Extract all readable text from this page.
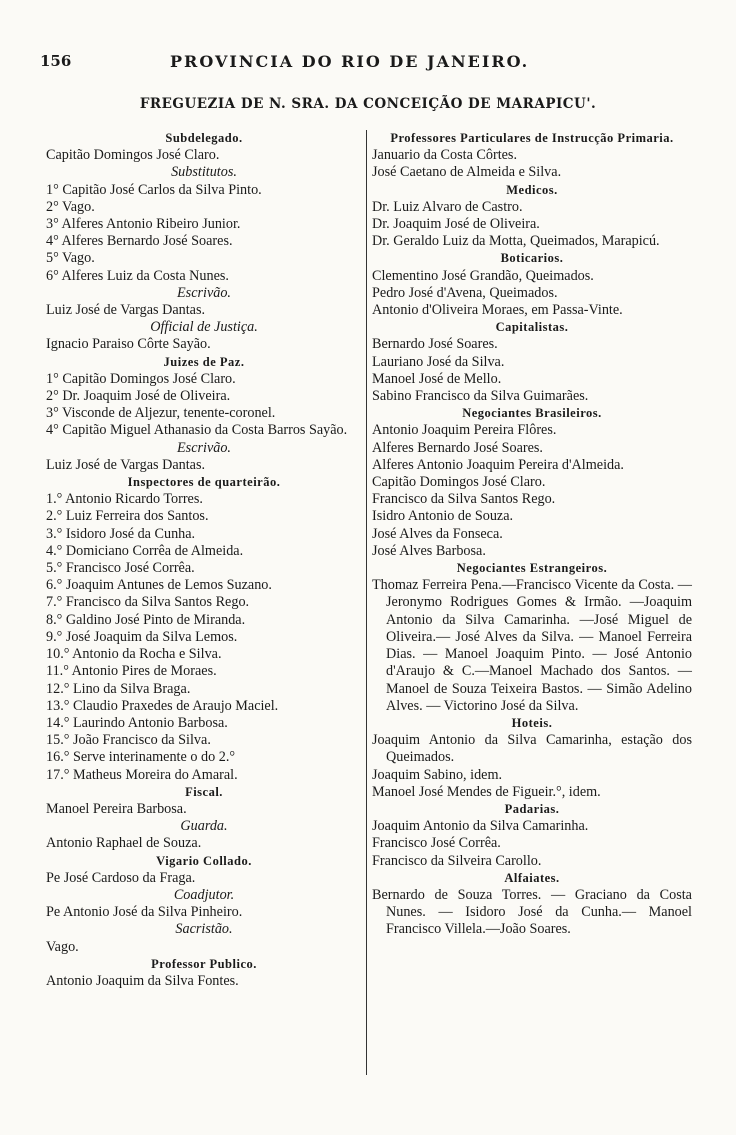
156	PROVINCIA DO RIO DE JANEIRO.
FREGUEZIA DE N. SRA. DA CONCEIÇÃO DE MARAPICU'.
Subdelegado.
Capitão Domingos José Claro.
Substitutos.
1° Capitão José Carlos da Silva Pinto.
2° Vago.
3° Alferes Antonio Ribeiro Junior.
4° Alferes Bernardo José Soares.
5° Vago.
6° Alferes Luiz da Costa Nunes.
Escrivão.
Luiz José de Vargas Dantas.
Official de Justiça.
Ignacio Paraiso Côrte Sayão.
Juizes de Paz.
1° Capitão Domingos José Claro.
2° Dr. Joaquim José de Oliveira.
3° Visconde de Aljezur, tenente-coronel.
4° Capitão Miguel Athanasio da Costa Barros Sayão.
Escrivão.
Luiz José de Vargas Dantas.
Inspectores de quarteirão.
1.° Antonio Ricardo Torres.
2.° Luiz Ferreira dos Santos.
3.° Isidoro José da Cunha.
4.° Domiciano Corrêa de Almeida.
5.° Francisco José Corrêa.
6.° Joaquim Antunes de Lemos Suzano.
7.° Francisco da Silva Santos Rego.
8.° Galdino José Pinto de Miranda.
9.° José Joaquim da Silva Lemos.
10.° Antonio da Rocha e Silva.
11.° Antonio Pires de Moraes.
12.° Lino da Silva Braga.
13.° Claudio Praxedes de Araujo Maciel.
14.° Laurindo Antonio Barbosa.
15.° João Francisco da Silva.
16.° Serve interinamente o do 2.°
17.° Matheus Moreira do Amaral.
Fiscal.
Manoel Pereira Barbosa.
Guarda.
Antonio Raphael de Souza.
Vigario Collado.
Pe José Cardoso da Fraga.
Coadjutor.
Pe Antonio José da Silva Pinheiro.
Sacristão.
Vago.
Professor Publico.
Antonio Joaquim da Silva Fontes.
Professores Particulares de Instrucção Primaria.
Januario da Costa Côrtes.
José Caetano de Almeida e Silva.
Medicos.
Dr. Luiz Alvaro de Castro.
Dr. Joaquim José de Oliveira.
Dr. Geraldo Luiz da Motta, Queimados, Marapicú.
Boticarios.
Clementino José Grandão, Queimados.
Pedro José d'Avena, Queimados.
Antonio d'Oliveira Moraes, em Passa-Vinte.
Capitalistas.
Bernardo José Soares.
Lauriano José da Silva.
Manoel José de Mello.
Sabino Francisco da Silva Guimarães.
Negociantes Brasileiros.
Antonio Joaquim Pereira Flôres.
Alferes Bernardo José Soares.
Alferes Antonio Joaquim Pereira d'Almeida.
Capitão Domingos José Claro.
Francisco da Silva Santos Rego.
Isidro Antonio de Souza.
José Alves da Fonseca.
José Alves Barbosa.
Negociantes Estrangeiros.
Thomaz Ferreira Pena.—Francisco Vicente da Costa. — Jeronymo Rodrigues Gomes & Irmão. —Joaquim Antonio da Silva Camarinha. —José Miguel de Oliveira.— José Alves da Silva. — Manoel Ferreira Dias. — Manoel Joaquim Pinto. — José Antonio d'Araujo & C.—Manoel Machado dos Santos. — Manoel de Souza Teixeira Bastos. — Simão Adelino Alves. — Victorino José da Silva.
Hoteis.
Joaquim Antonio da Silva Camarinha, estação dos Queimados.
Joaquim Sabino, idem.
Manoel José Mendes de Figueir.°, idem.
Padarias.
Joaquim Antonio da Silva Camarinha.
Francisco José Corrêa.
Francisco da Silveira Carollo.
Alfaiates.
Bernardo de Souza Torres. — Graciano da Costa Nunes. — Isidoro José da Cunha.— Manoel Francisco Villela.—João Soares.
